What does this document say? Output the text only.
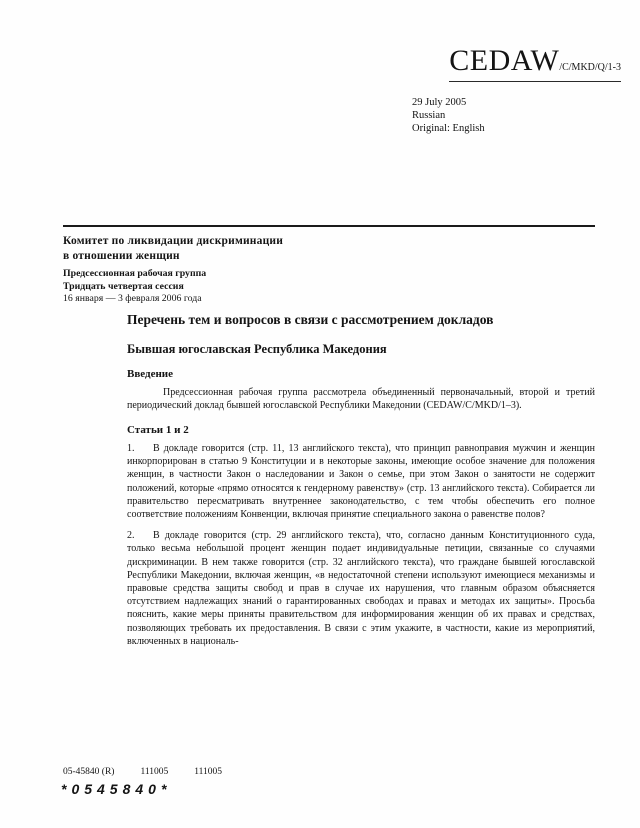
CEDAW/C/MKD/Q/1-3
29 July 2005
Russian
Original: English
Комитет по ликвидации дискриминации
в отношении женщин
Предсессионная рабочая группа
Тридцать четвертая сессия
16 января — 3 февраля 2006 года
Перечень тем и вопросов в связи с рассмотрением докладов
Бывшая югославская Республика Македония
Введение

Предсессионная рабочая группа рассмотрела объединенный первоначальный, второй и третий периодический доклад бывшей югославской Республики Македонии (CEDAW/C/MKD/1–3).

Статьи 1 и 2

1. В докладе говорится (стр. 11, 13 английского текста), что принцип равноправия мужчин и женщин инкорпорирован в статью 9 Конституции и в некоторые законы, имеющие особое значение для положения женщин, в частности Закон о наследовании и Закон о семье, при этом Закон о занятости не содержит положений, которые «прямо относятся к гендерному равенству» (стр. 13 английского текста). Собирается ли правительство пересматривать внутреннее законодательство, с тем чтобы обеспечить его полное соответствие положениям Конвенции, включая принятие специального закона о равенстве полов?

2. В докладе говорится (стр. 29 английского текста), что, согласно данным Конституционного суда, только весьма небольшой процент женщин подает индивидуальные петиции, связанные со случаями дискриминации. В нем также говорится (стр. 32 английского текста), что граждане бывшей югославской Республики Македонии, включая женщин, «в недостаточной степени используют имеющиеся механизмы и правовые средства защиты свобод и прав в случае их нарушения, что главным образом объясняется отсутствием надлежащих знаний о гарантированных свободах и правах и методах их защиты». Просьба пояснить, какие меры приняты правительством для информирования женщин об их правах и средствах, позволяющих требовать их предоставления. В связи с этим укажите, в частности, какие из мероприятий, включенных в националь-

05-45840 (R)	111005	111005
*0545840*
